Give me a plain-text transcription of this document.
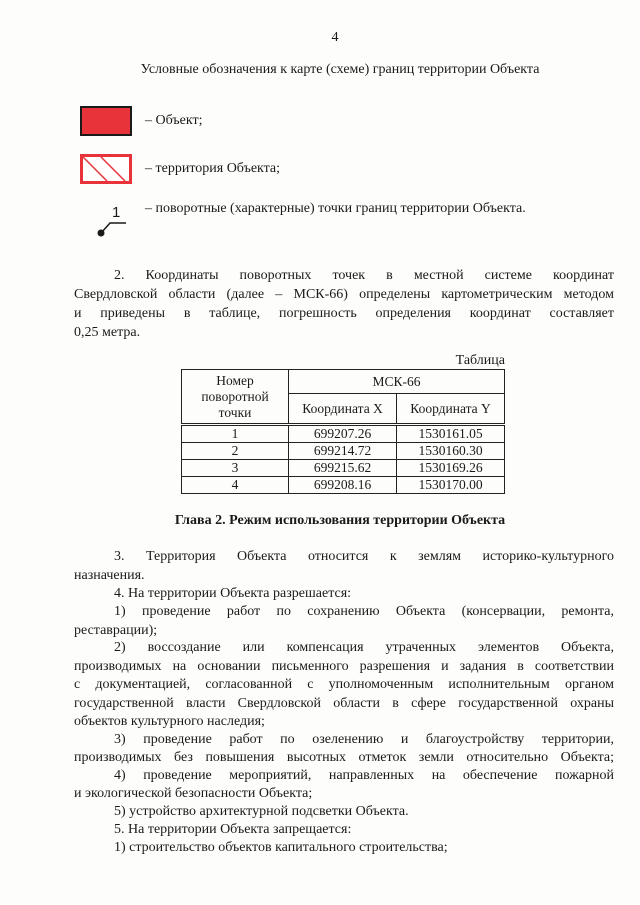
4
Условные обозначения к карте (схеме) границ территории Объекта
– Объект;
– территория Объекта;
1 – поворотные (характерные) точки границ территории Объекта.
2. Координаты поворотных точек в местной системе координат
Свердловской области (далее – МСК-66) определены картометрическим методом
и приведены в таблице, погрешность определения координат составляет
0,25 метра.
Таблица
Номер поворотной точки	МСК-66	
	Координата X	Координата Y
1	699207.26	1530161.05
2	699214.72	1530160.30
3	699215.62	1530169.26
4	699208.16	1530170.00
Глава 2. Режим использования территории Объекта
3. Территория Объекта относится к землям историко-культурного
назначения.
4. На территории Объекта разрешается:
1) проведение работ по сохранению Объекта (консервации, ремонта,
реставрации);
2) воссоздание или компенсация утраченных элементов Объекта,
производимых на основании письменного разрешения и задания в соответствии
с документацией, согласованной с уполномоченным исполнительным органом
государственной власти Свердловской области в сфере государственной охраны
объектов культурного наследия;
3) проведение работ по озеленению и благоустройству территории,
производимых без повышения высотных отметок земли относительно Объекта;
4) проведение мероприятий, направленных на обеспечение пожарной
и экологической безопасности Объекта;
5) устройство архитектурной подсветки Объекта.
5. На территории Объекта запрещается:
1) строительство объектов капитального строительства;
